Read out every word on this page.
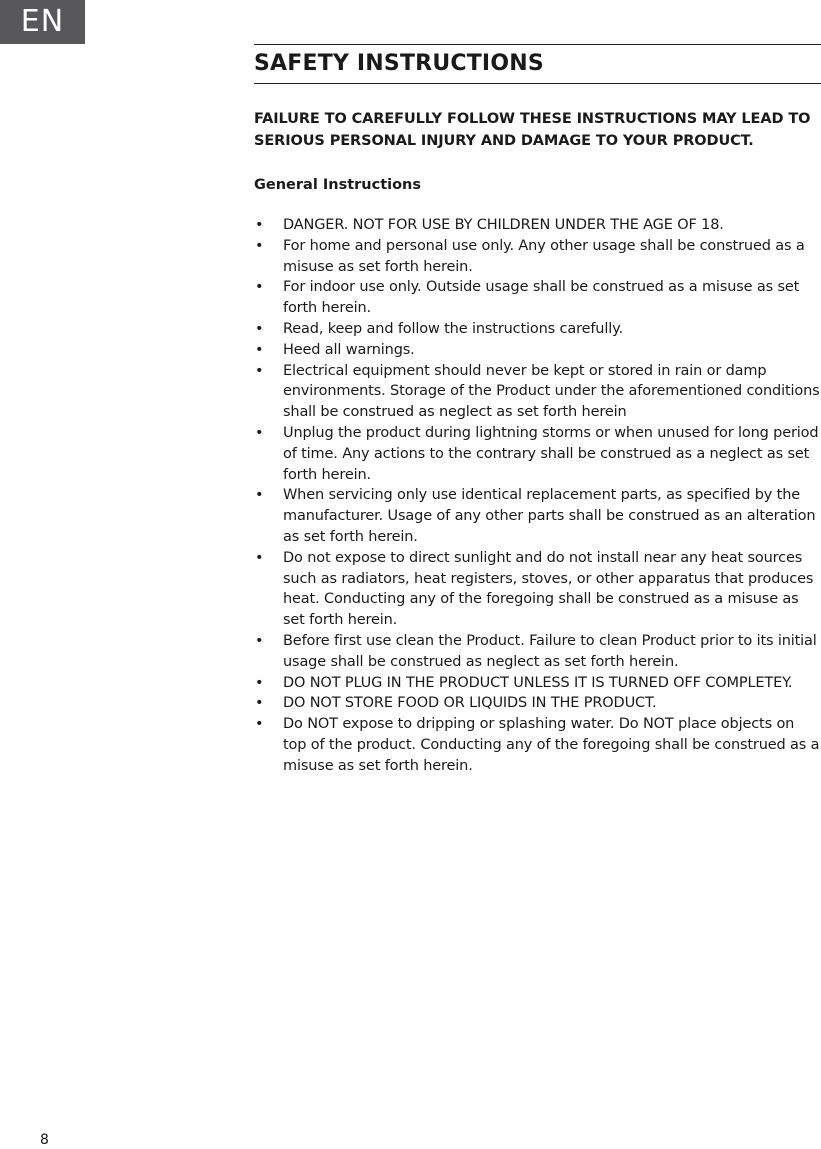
EN
SAFETY INSTRUCTIONS

FAILURE TO CAREFULLY FOLLOW THESE INSTRUCTIONS MAY LEAD TO SERIOUS PERSONAL INJURY AND DAMAGE TO YOUR PRODUCT.

General Instructions

• DANGER. NOT FOR USE BY CHILDREN UNDER THE AGE OF 18.
• For home and personal use only. Any other usage shall be construed as a misuse as set forth herein.
• For indoor use only. Outside usage shall be construed as a misuse as set forth herein.
• Read, keep and follow the instructions carefully.
• Heed all warnings.
• Electrical equipment should never be kept or stored in rain or damp environments. Storage of the Product under the aforementioned conditions shall be construed as neglect as set forth herein
• Unplug the product during lightning storms or when unused for long period of time. Any actions to the contrary shall be construed as a neglect as set forth herein.
• When servicing only use identical replacement parts, as specified by the manufacturer. Usage of any other parts shall be construed as an alteration as set forth herein.
• Do not expose to direct sunlight and do not install near any heat sources such as radiators, heat registers, stoves, or other apparatus that produces heat. Conducting any of the foregoing shall be construed as a misuse as set forth herein.
• Before first use clean the Product. Failure to clean Product prior to its initial usage shall be construed as neglect as set forth herein.
• DO NOT PLUG IN THE PRODUCT UNLESS IT IS TURNED OFF COMPLETEY.
• DO NOT STORE FOOD OR LIQUIDS IN THE PRODUCT.
• Do NOT expose to dripping or splashing water. Do NOT place objects on top of the product. Conducting any of the foregoing shall be construed as a misuse as set forth herein.
8
